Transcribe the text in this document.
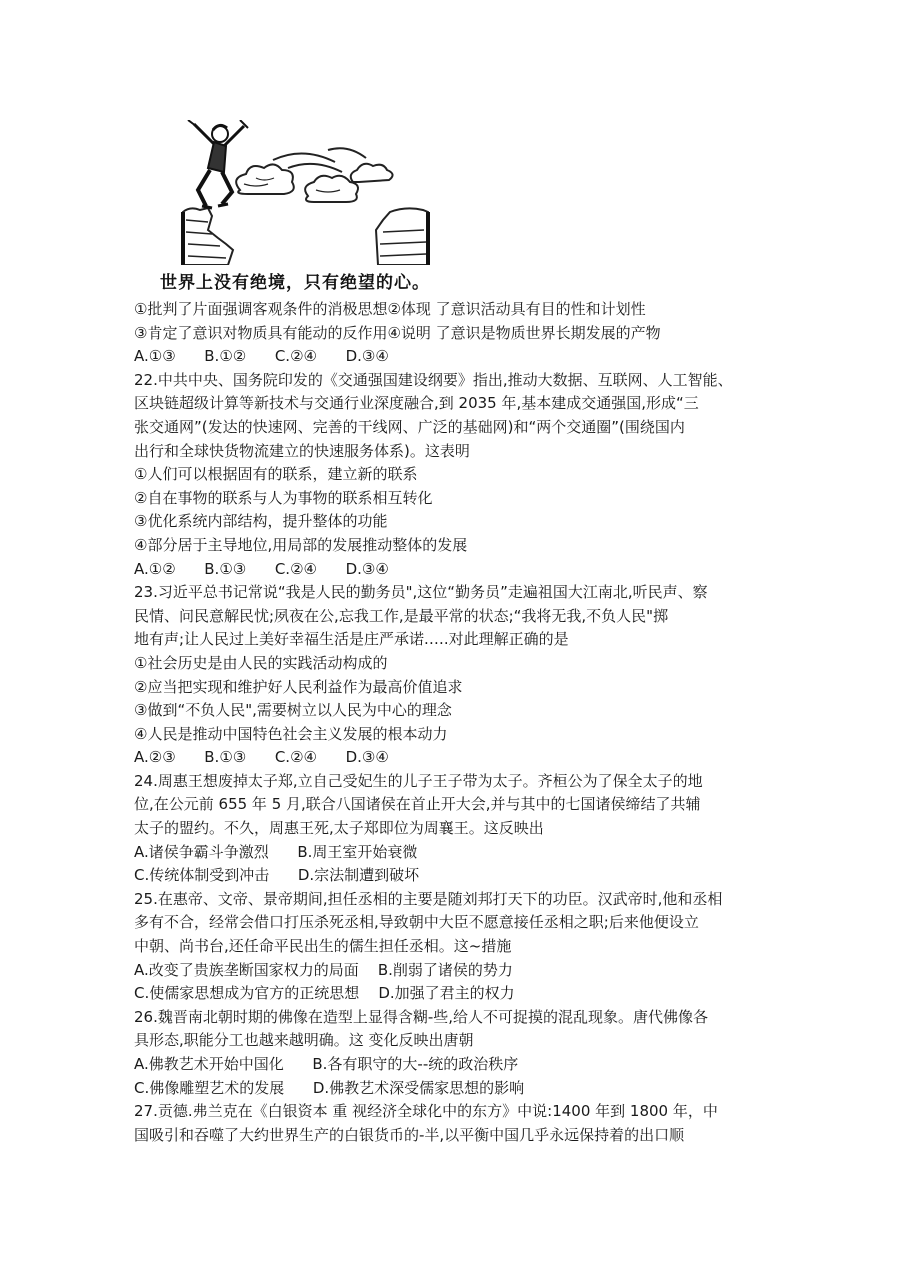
世界上没有绝境，只有绝望的心。

①批判了片面强调客观条件的消极思想②体现 了意识活动具有目的性和计划性

③肯定了意识对物质具有能动的反作用④说明 了意识是物质世界长期发展的产物

A.①③      B.①②      C.②④      D.③④

22.中共中央、国务院印发的《交通强国建设纲要》指出,推动大数据、互联网、人工智能、

区块链超级计算等新技术与交通行业深度融合,到 2035 年,基本建成交通强国,形成“三

张交通网”(发达的快速网、完善的干线网、广泛的基础网)和“两个交通圈”(围绕国内

出行和全球快货物流建立的快速服务体系)。这表明

①人们可以根据固有的联系，建立新的联系

②自在事物的联系与人为事物的联系相互转化

③优化系统内部结构，提升整体的功能

④部分居于主导地位,用局部的发展推动整体的发展

A.①②      B.①③      C.②④      D.③④

23.习近平总书记常说“我是人民的勤务员",这位“勤务员”走遍祖国大江南北,听民声、察

民情、问民意解民忧;夙夜在公,忘我工作,是最平常的状态;“我将无我,不负人民"掷

地有声;让人民过上美好幸福生活是庄严承诺.….对此理解正确的是

①社会历史是由人民的实践活动构成的

②应当把实现和维护好人民利益作为最高价值追求

③做到“不负人民",需要树立以人民为中心的理念

④人民是推动中国特色社会主义发展的根本动力

A.②③      B.①③      C.②④      D.③④

24.周惠王想废掉太子郑,立自己受妃生的儿子王子带为太子。齐桓公为了保全太子的地

位,在公元前 655 年 5 月,联合八国诸侯在首止开大会,并与其中的七国诸侯缔结了共辅

太子的盟约。不久，周惠王死,太子郑即位为周襄王。这反映出

A.诸侯争霸斗争激烈      B.周王室开始衰微

C.传统体制受到冲击      D.宗法制遭到破坏

25.在惠帝、文帝、景帝期间,担任丞相的主要是随刘邦打天下的功臣。汉武帝时,他和丞相

多有不合，经常会借口打压杀死丞相,导致朝中大臣不愿意接任丞相之职;后来他便设立

中朝、尚书台,还任命平民出生的儒生担任丞相。这~措施

A.改变了贵族垄断国家权力的局面    B.削弱了诸侯的势力

C.使儒家思想成为官方的正统思想    D.加强了君主的权力

26.魏晋南北朝时期的佛像在造型上显得含糊-些,给人不可捉摸的混乱现象。唐代佛像各

具形态,职能分工也越来越明确。这 变化反映出唐朝

A.佛教艺术开始中国化      B.各有职守的大--统的政治秩序

C.佛像雕塑艺术的发展      D.佛教艺术深受儒家思想的影响

27.贡德.弗兰克在《白银资本 重 视经济全球化中的东方》中说:1400 年到 1800 年，中

国吸引和吞噬了大约世界生产的白银货币的-半,以平衡中国几乎永远保持着的出口顺
